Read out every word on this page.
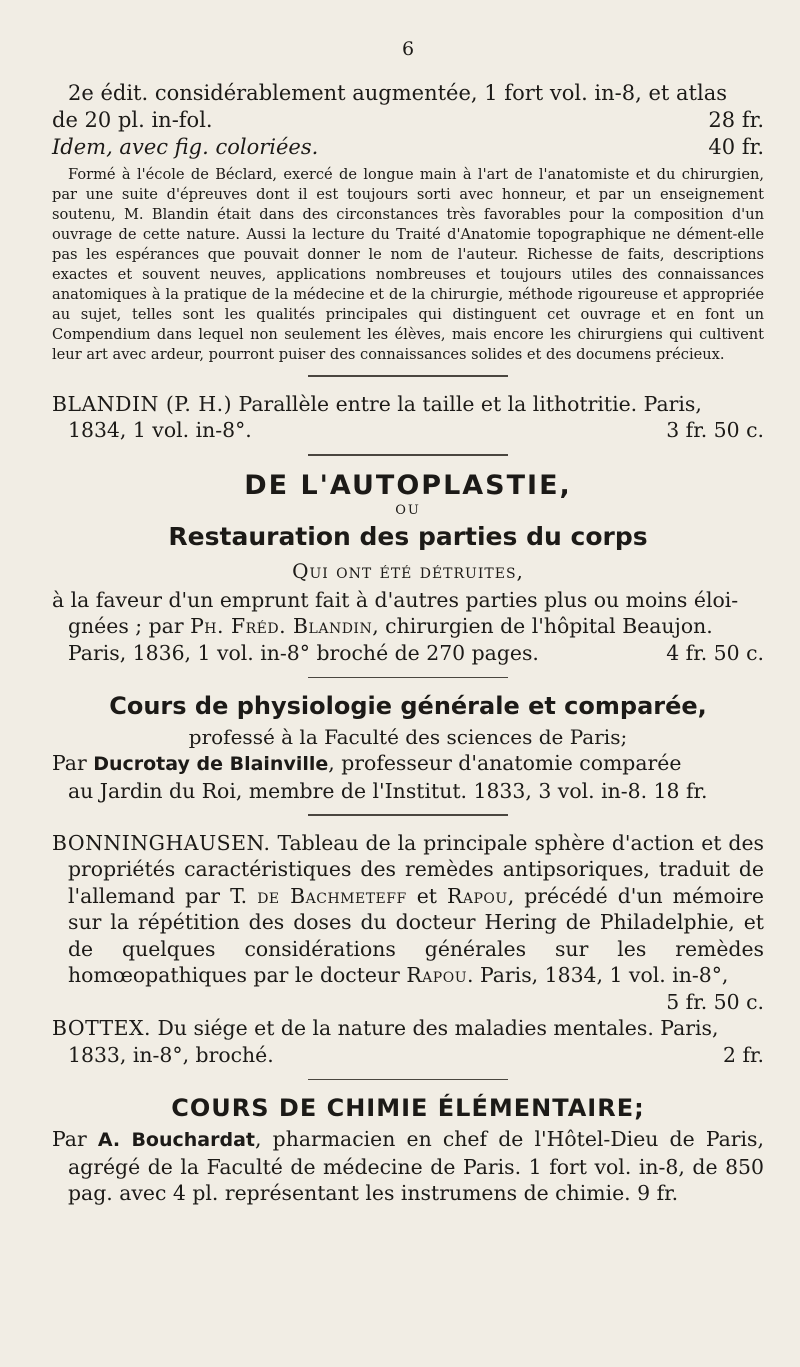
6
2e édit. considérablement augmentée, 1 fort vol. in-8, et atlas
de 20 pl. in-fol.	28 fr.
Idem, avec fig. coloriées.	40 fr.

Formé à l'école de Béclard, exercé de longue main à l'art de l'anatomiste et du chirurgien, par une suite d'épreuves dont il est toujours sorti avec honneur, et par un enseignement soutenu, M. Blandin était dans des circonstances très favorables pour la composition d'un ouvrage de cette nature. Aussi la lecture du Traité d'Anatomie topographique ne dément-elle pas les espérances que pouvait donner le nom de l'auteur. Richesse de faits, descriptions exactes et souvent neuves, applications nombreuses et toujours utiles des connaissances anatomiques à la pratique de la médecine et de la chirurgie, méthode rigoureuse et appropriée au sujet, telles sont les qualités principales qui distinguent cet ouvrage et en font un Compendium dans lequel non seulement les élèves, mais encore les chirurgiens qui cultivent leur art avec ardeur, pourront puiser des connaissances solides et des documens précieux.

BLANDIN (P. H.) Parallèle entre la taille et la lithotritie. Paris,

1834, 1 vol. in-8°.	3 fr. 50 c.
DE L'AUTOPLASTIE,
OU
Restauration des parties du corps
Qui ont été détruites,

à la faveur d'un emprunt fait à d'autres parties plus ou moins éloi-
gnées ; par Ph. Fréd. Blandin, chirurgien de l'hôpital Beaujon.

Paris, 1836, 1 vol. in-8° broché de 270 pages.	4 fr. 50 c.
Cours de physiologie générale et comparée,
professé à la Faculté des sciences de Paris;

Par Ducrotay de Blainville, professeur d'anatomie comparée
au Jardin du Roi, membre de l'Institut. 1833, 3 vol. in-8. 18 fr.

BONNINGHAUSEN. Tableau de la principale sphère d'action et des propriétés caractéristiques des remèdes antipsoriques, traduit de l'allemand par T. de Bachmeteff et Rapou, précédé d'un mémoire sur la répétition des doses du docteur Hering de Philadelphie, et de quelques considérations générales sur les remèdes homœopathiques par le docteur Rapou. Paris, 1834, 1 vol. in-8°,

5 fr. 50 c.

BOTTEX. Du siége et de la nature des maladies mentales. Paris,

1833, in-8°, broché.	2 fr.
COURS DE CHIMIE ÉLÉMENTAIRE;

Par A. Bouchardat, pharmacien en chef de l'Hôtel-Dieu de Paris, agrégé de la Faculté de médecine de Paris. 1 fort vol. in-8, de 850 pag. avec 4 pl. représentant les instrumens de chimie. 9 fr.
